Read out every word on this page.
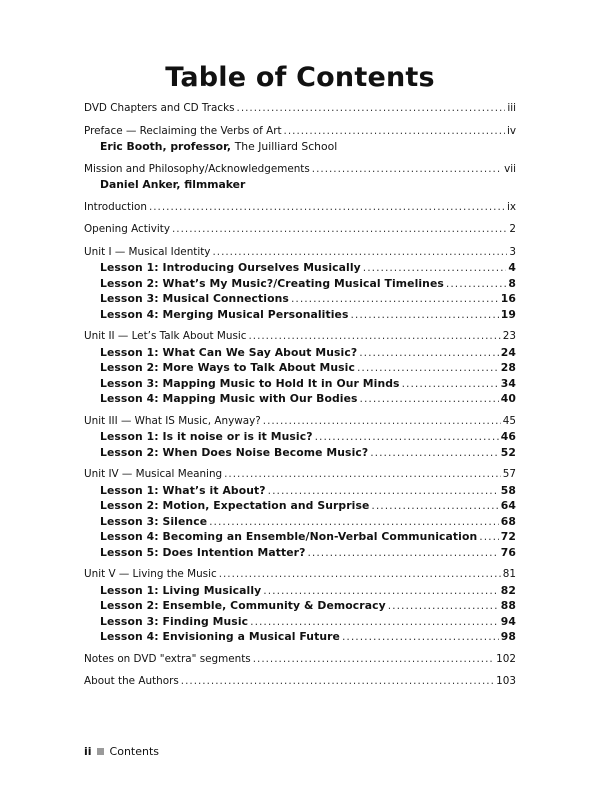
Table of Contents
DVD Chapters and CD Tracks .....	iii
Preface — Reclaiming the Verbs of Art .....	iv
Eric Booth, professor, The Juilliard School
Mission and Philosophy/Acknowledgements .....	vii
Daniel Anker, filmmaker
Introduction .....	ix
Opening Activity .....	2
Unit I — Musical Identity .....	3
Lesson 1: Introducing Ourselves Musically .....	4
Lesson 2: What’s My Music?/Creating Musical Timelines .....	8
Lesson 3: Musical Connections .....	16
Lesson 4: Merging Musical Personalities .....	19
Unit II — Let’s Talk About Music .....	23
Lesson 1: What Can We Say About Music? .....	24
Lesson 2: More Ways to Talk About Music .....	28
Lesson 3: Mapping Music to Hold It in Our Minds .....	34
Lesson 4: Mapping Music with Our Bodies .....	40
Unit III — What IS Music, Anyway? .....	45
Lesson 1: Is it noise or is it Music? .....	46
Lesson 2: When Does Noise Become Music? .....	52
Unit IV — Musical Meaning .....	57
Lesson 1: What’s it About? .....	58
Lesson 2: Motion, Expectation and Surprise .....	64
Lesson 3: Silence .....	68
Lesson 4: Becoming an Ensemble/Non-Verbal Communication ..... 72
Lesson 5: Does Intention Matter? .....	76
Unit V — Living the Music .....	81
Lesson 1: Living Musically .....	82
Lesson 2: Ensemble, Community & Democracy .....	88
Lesson 3: Finding Music .....	94
Lesson 4: Envisioning a Musical Future .....	98
Notes on DVD "extra" segments .....	102
About the Authors .....	103
ii Contents
